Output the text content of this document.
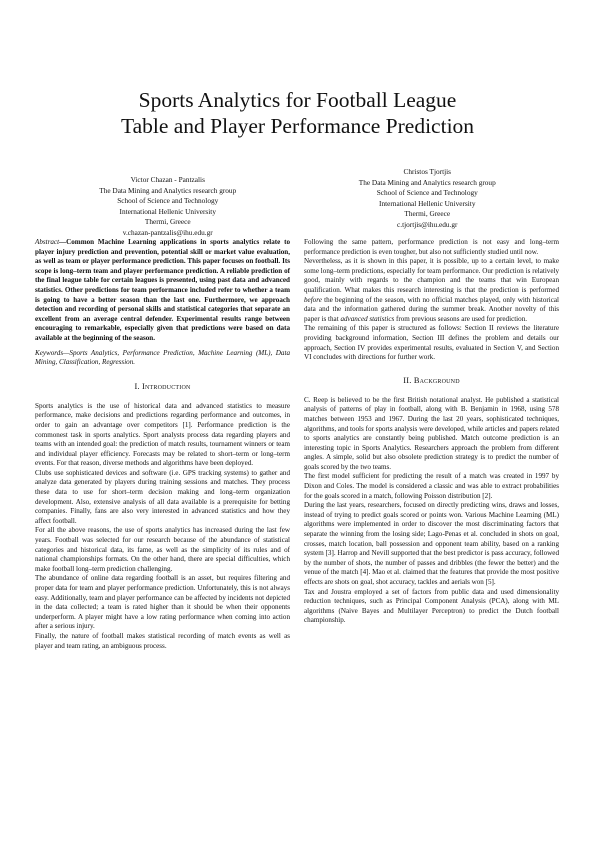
Sports Analytics for Football League
Table and Player Performance Prediction
Victor Chazan - Pantzalis
The Data Mining and Analytics research group
School of Science and Technology
International Hellenic University
Thermi, Greece
v.chazan-pantzalis@ihu.edu.gr
Christos Tjortjis
The Data Mining and Analytics research group
School of Science and Technology
International Hellenic University
Thermi, Greece
c.tjortjis@ihu.edu.gr

Abstract—Common Machine Learning applications in sports analytics relate to player injury prediction and prevention, potential skill or market value evaluation, as well as team or player performance prediction. This paper focuses on football. Its scope is long–term team and player performance prediction. A reliable prediction of the final league table for certain leagues is presented, using past data and advanced statistics. Other predictions for team performance included refer to whether a team is going to have a better season than the last one. Furthermore, we approach detection and recording of personal skills and statistical categories that separate an excellent from an average central defender. Experimental results range between encouraging to remarkable, especially given that predictions were based on data available at the beginning of the season.

Keywords—Sports Analytics, Performance Prediction, Machine Learning (ML), Data Mining, Classification, Regression.

I. Introduction

Sports analytics is the use of historical data and advanced statistics to measure performance, make decisions and predictions regarding performance and outcomes, in order to gain an advantage over competitors [1]. Performance prediction is the commonest task in sports analytics. Sport analysts process data regarding players and teams with an intended goal: the prediction of match results, tournament winners or team and individual player efficiency. Forecasts may be related to short–term or long–term events. For that reason, diverse methods and algorithms have been deployed.

Clubs use sophisticated devices and software (i.e. GPS tracking systems) to gather and analyze data generated by players during training sessions and matches. They process these data to use for short–term decision making and long–term organization development. Also, extensive analysis of all data available is a prerequisite for betting companies. Finally, fans are also very interested in advanced statistics and how they affect football.

For all the above reasons, the use of sports analytics has increased during the last few years. Football was selected for our research because of the abundance of statistical categories and historical data, its fame, as well as the simplicity of its rules and of national championships formats. On the other hand, there are special difficulties, which make football long–term prediction challenging.

The abundance of online data regarding football is an asset, but requires filtering and proper data for team and player performance prediction. Unfortunately, this is not always easy. Additionally, team and player performance can be affected by incidents not depicted in the data collected; a team is rated higher than it should be when their opponents underperform. A player might have a low rating performance when coming into action after a serious injury.

Finally, the nature of football makes statistical recording of match events as well as player and team rating, an ambiguous process.

Following the same pattern, performance prediction is not easy and long–term performance prediction is even tougher, but also not sufficiently studied until now.

Nevertheless, as it is shown in this paper, it is possible, up to a certain level, to make some long–term predictions, especially for team performance. Our prediction is relatively good, mainly with regards to the champion and the teams that win European qualification. What makes this research interesting is that the prediction is performed before the beginning of the season, with no official matches played, only with historical data and the information gathered during the summer break. Another novelty of this paper is that advanced statistics from previous seasons are used for prediction.

The remaining of this paper is structured as follows: Section II reviews the literature providing background information, Section III defines the problem and details our approach, Section IV provides experimental results, evaluated in Section V, and Section VI concludes with directions for further work.

II. Background

C. Reep is believed to be the first British notational analyst. He published a statistical analysis of patterns of play in football, along with B. Benjamin in 1968, using 578 matches between 1953 and 1967. During the last 20 years, sophisticated techniques, algorithms, and tools for sports analysis were developed, while articles and papers related to sports analytics are constantly being published. Match outcome prediction is an interesting topic in Sports Analytics. Researchers approach the problem from different angles. A simple, solid but also obsolete prediction strategy is to predict the number of goals scored by the two teams.

The first model sufficient for predicting the result of a match was created in 1997 by Dixon and Coles. The model is considered a classic and was able to extract probabilities for the goals scored in a match, following Poisson distribution [2].

During the last years, researchers, focused on directly predicting wins, draws and losses, instead of trying to predict goals scored or points won. Various Machine Learning (ML) algorithms were implemented in order to discover the most discriminating factors that separate the winning from the losing side; Lago-Penas et al. concluded in shots on goal, crosses, match location, ball possession and opponent team ability, based on a ranking system [3]. Harrop and Nevill supported that the best predictor is pass accuracy, followed by the number of shots, the number of passes and dribbles (the fewer the better) and the venue of the match [4]. Mao et al. claimed that the features that provide the most positive effects are shots on goal, shot accuracy, tackles and aerials won [5].

Tax and Joustra employed a set of factors from public data and used dimensionality reduction techniques, such as Principal Component Analysis (PCA), along with ML algorithms (Naive Bayes and Multilayer Perceptron) to predict the Dutch football championship.
